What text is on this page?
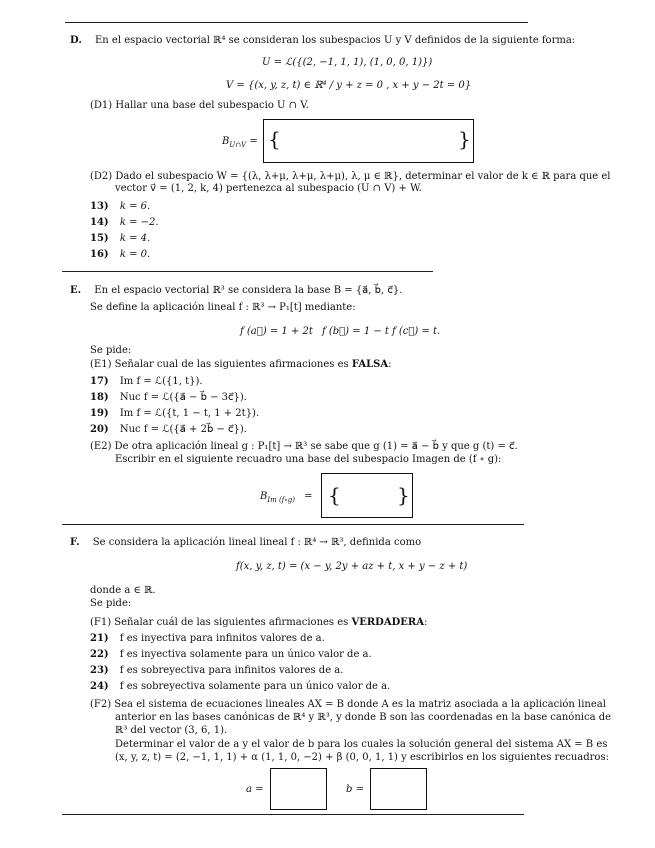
D. En el espacio vectorial ℝ⁴ se consideran los subespacios U y V definidos de la siguiente forma:
U = ℒ({(2, −1, 1, 1), (1, 0, 0, 1)})
V = {(x, y, z, t) ∈ ℝ⁴ / y + z = 0 , x + y − 2t = 0}
(D1) Hallar una base del subespacio U ∩ V.
$B_{U\cap V}$ = {	}
(D2) Dado el subespacio W = {(λ, λ+μ, λ+μ, λ+μ), λ, μ ∈ ℝ}, determinar el valor de k ∈ ℝ para que el
vector v⃗ = (1, 2, k, 4) pertenezca al subespacio (U ∩ V) + W.
13) k = 6.
14) k = −2.
15) k = 4.
16) k = 0.
E. En el espacio vectorial ℝ³ se considera la base B = {a⃗, b⃗, c⃗}.
Se define la aplicación lineal f : ℝ³ → P₁[t] mediante:
f (a⃗) = 1 + 2t f (b⃗) = 1 − t f (c⃗) = t.
Se pide:
(E1) Señalar cual de las siguientes afirmaciones es FALSA:
17) Im f = ℒ({1, t}).
18) Nuc f = ℒ({a⃗ − b⃗ − 3c⃗}).
19) Im f = ℒ({t, 1 − t, 1 + 2t}).
20) Nuc f = ℒ({a⃗ + 2b⃗ − c⃗}).
(E2) De otra aplicación lineal g : P₁[t] → ℝ³ se sabe que g (1) = a⃗ − b⃗ y que g (t) = c⃗.
Escribir en el siguiente recuadro una base del subespacio Imagen de (f ∘ g):
$B_{Im (f\circ g)}$ = {	}
F. Se considera la aplicación lineal lineal f : ℝ⁴ → ℝ³, definida como
f(x, y, z, t) = (x − y, 2y + az + t, x + y − z + t)
donde a ∈ ℝ.
Se pide:
(F1) Señalar cuál de las siguientes afirmaciones es VERDADERA:
21) f es inyectiva para infinitos valores de a.
22) f es inyectiva solamente para un único valor de a.
23) f es sobreyectiva para infinitos valores de a.
24) f es sobreyectiva solamente para un único valor de a.
(F2) Sea el sistema de ecuaciones lineales AX = B donde A es la matriz asociada a la aplicación lineal
anterior en las bases canónicas de ℝ⁴ y ℝ³, y donde B son las coordenadas en la base canónica de
ℝ³ del vector (3, 6, 1).
Determinar el valor de a y el valor de b para los cuales la solución general del sistema AX = B es
(x, y, z, t) = (2, −1, 1, 1) + α (1, 1, 0, −2) + β (0, 0, 1, 1) y escribirlos en los siguientes recuadros:
a =	b =
